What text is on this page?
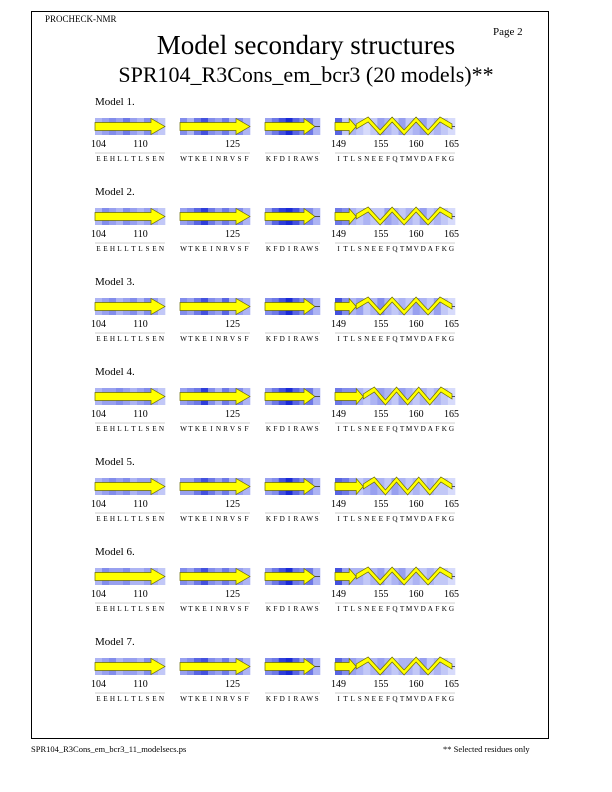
PROCHECK-NMR
Page 2
Model secondary structures
SPR104_R3Cons_em_bcr3 (20 models)**
Model 1.
E E H L L T L S E N W T K E I N R V S F K F D I R A W S	I T L S N E E F Q T M V D A F K G
104	110	125	149	155 160 165
Model 2.
E E H L L T L S E N W T K E I N R V S F K F D I R A W S	I T L S N E E F Q T M V D A F K G
104	110	125	149	155 160 165
Model 3.
E E H L L T L S E N W T K E I N R V S F K F D I R A W S	I T L S N E E F Q T M V D A F K G
104	110	125	149	155 160 165
Model 4.
E E H L L T L S E N W T K E I N R V S F K F D I R A W S	I T L S N E E F Q T M V D A F K G
104	110	125	149	155 160 165
Model 5.
E E H L L T L S E N W T K E I N R V S F K F D I R A W S	I T L S N E E F Q T M V D A F K G
104	110	125	149	155 160 165
Model 6.
E E H L L T L S E N W T K E I N R V S F K F D I R A W S	I T L S N E E F Q T M V D A F K G
104	110	125	149	155 160 165
Model 7.
E E H L L T L S E N W T K E I N R V S F K F D I R A W S	I T L S N E E F Q T M V D A F K G
104	110	125	149	155 160 165
SPR104_R3Cons_em_bcr3_11_modelsecs.ps	** Selected residues only
